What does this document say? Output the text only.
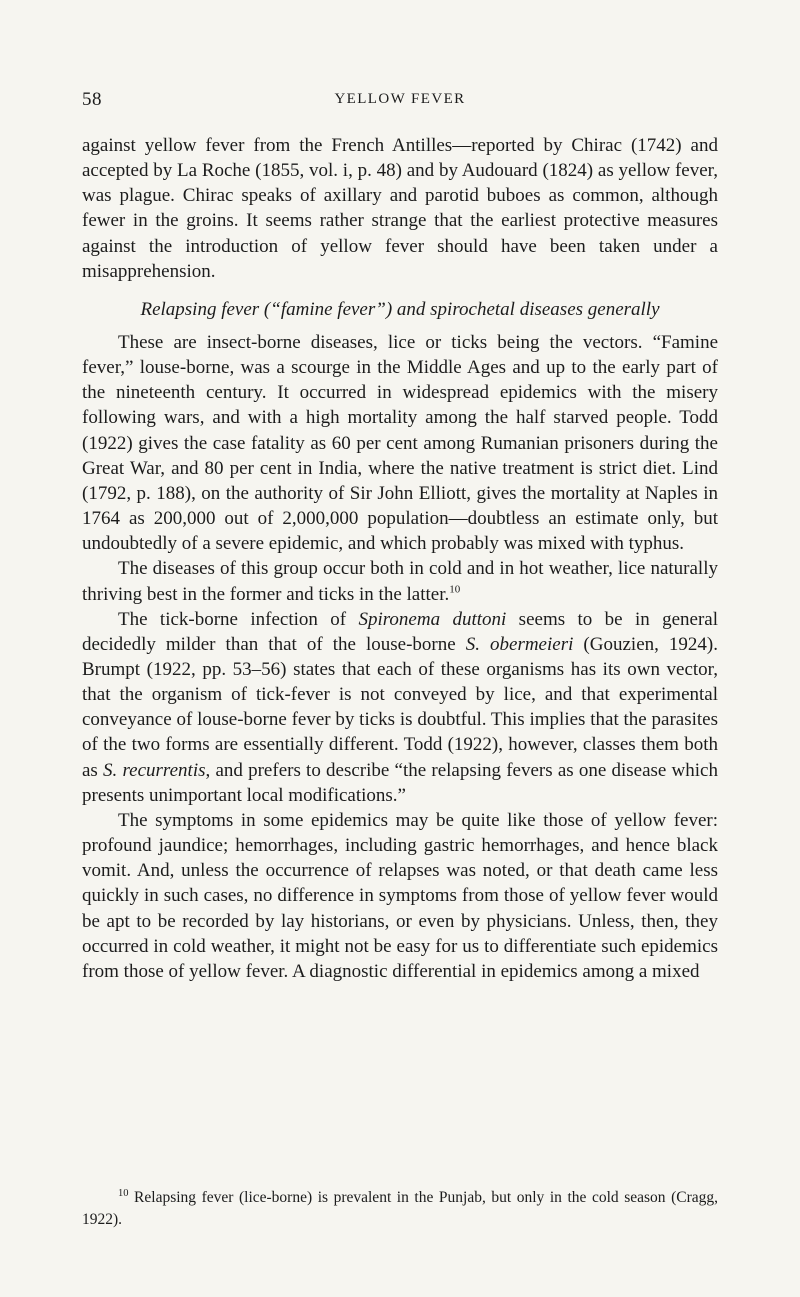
58	YELLOW FEVER

against yellow fever from the French Antilles—reported by Chirac (1742) and accepted by La Roche (1855, vol. i, p. 48) and by Audouard (1824) as yellow fever, was plague. Chirac speaks of axillary and parotid buboes as common, although fewer in the groins. It seems rather strange that the earliest protective measures against the introduction of yellow fever should have been taken under a misapprehension.

Relapsing fever (“famine fever”) and spirochetal diseases generally

These are insect-borne diseases, lice or ticks being the vectors. “Famine fever,” louse-borne, was a scourge in the Middle Ages and up to the early part of the nineteenth century. It occurred in widespread epidemics with the misery following wars, and with a high mortality among the half starved people. Todd (1922) gives the case fatality as 60 per cent among Rumanian prisoners during the Great War, and 80 per cent in India, where the native treatment is strict diet. Lind (1792, p. 188), on the authority of Sir John Elliott, gives the mortality at Naples in 1764 as 200,000 out of 2,000,000 population—doubtless an estimate only, but undoubtedly of a severe epidemic, and which probably was mixed with typhus.

The diseases of this group occur both in cold and in hot weather, lice naturally thriving best in the former and ticks in the latter.$^{10}$

The tick-borne infection of Spironema duttoni seems to be in general decidedly milder than that of the louse-borne S. obermeieri (Gouzien, 1924). Brumpt (1922, pp. 53–56) states that each of these organisms has its own vector, that the organism of tick-fever is not conveyed by lice, and that experimental conveyance of louse-borne fever by ticks is doubtful. This implies that the parasites of the two forms are essentially different. Todd (1922), however, classes them both as S. recurrentis, and prefers to describe “the relapsing fevers as one disease which presents unimportant local modifications.”

The symptoms in some epidemics may be quite like those of yellow fever: profound jaundice; hemorrhages, including gastric hemorrhages, and hence black vomit. And, unless the occurrence of relapses was noted, or that death came less quickly in such cases, no difference in symptoms from those of yellow fever would be apt to be recorded by lay historians, or even by physicians. Unless, then, they occurred in cold weather, it might not be easy for us to differentiate such epidemics from those of yellow fever. A diagnostic differential in epidemics among a mixed

$^{10}$ Relapsing fever (lice-borne) is prevalent in the Punjab, but only in the cold season (Cragg, 1922).
